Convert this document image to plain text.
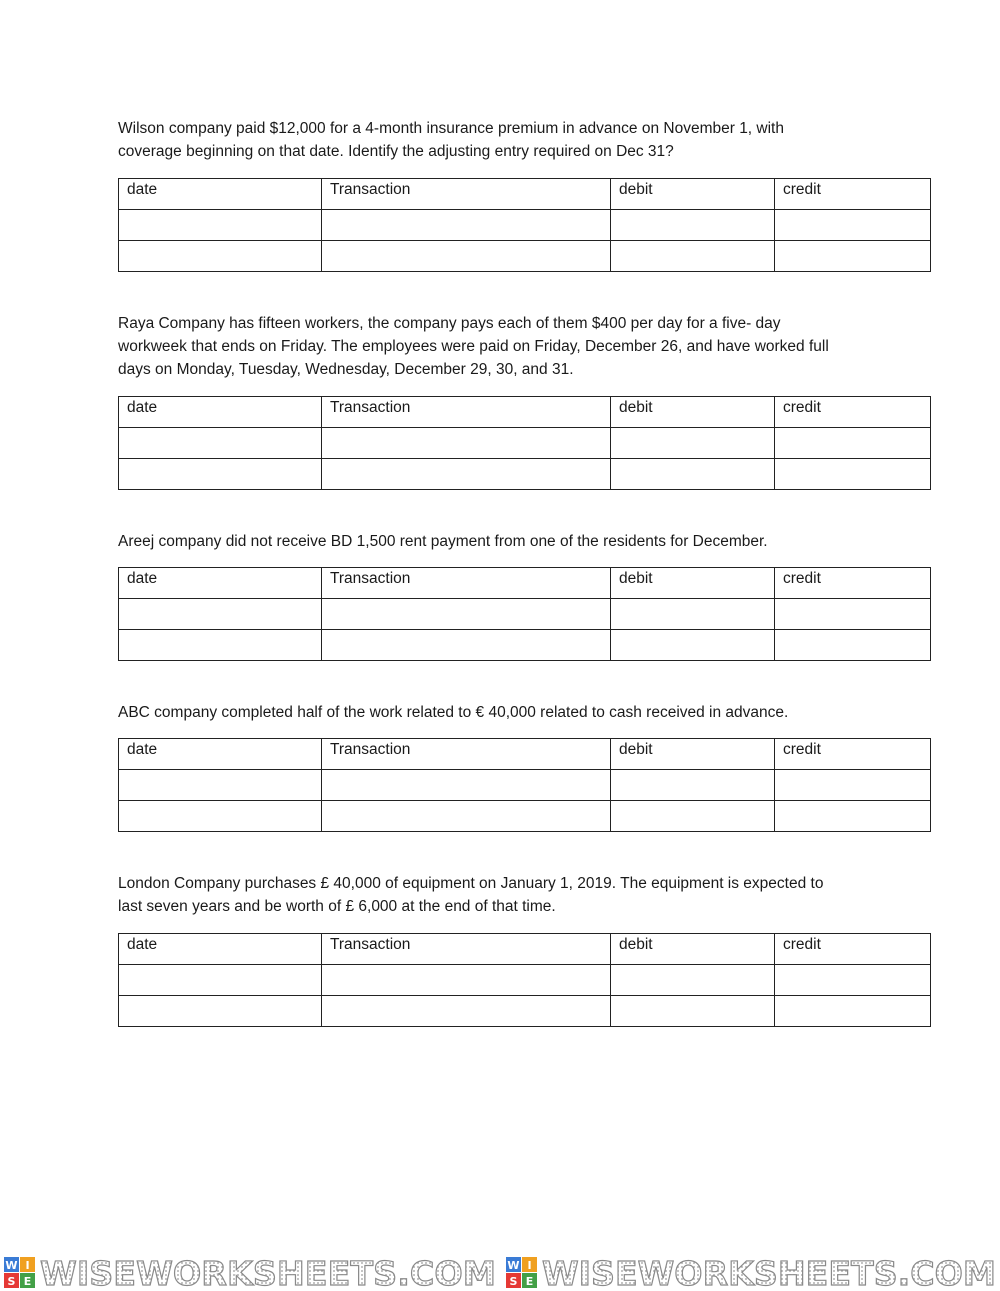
Wilson company paid $12,000 for a 4-month insurance premium in advance on November 1, with
coverage beginning on that date. Identify the adjusting entry required on Dec 31?

date	Transaction	debit	credit

Raya Company has fifteen workers, the company pays each of them $400 per day for a five- day
workweek that ends on Friday. The employees were paid on Friday, December 26, and have worked full
days on Monday, Tuesday, Wednesday, December 29, 30, and 31.

date	Transaction	debit	credit

Areej company did not receive BD 1,500 rent payment from one of the residents for December.

date	Transaction	debit	credit

ABC company completed half of the work related to € 40,000 related to cash received in advance.

date	Transaction	debit	credit

London Company purchases £ 40,000 of equipment on January 1, 2019. The equipment is expected to
last seven years and be worth of £ 6,000 at the end of that time.

date	Transaction	debit	credit

W I
S E WISEWORKSHEETS.COM W I
S E WISEWORKSHEETS.COM
